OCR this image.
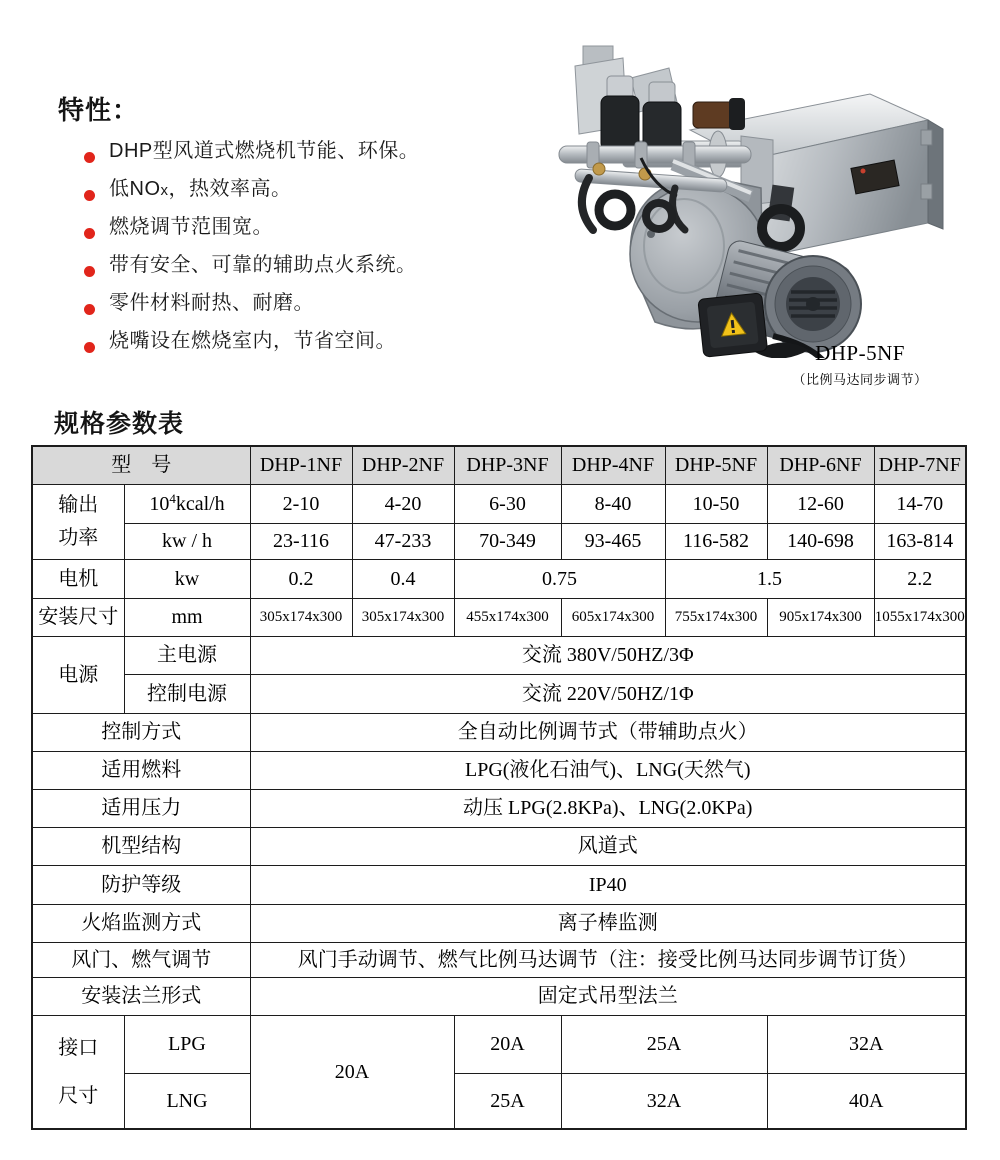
特性：
DHP型风道式燃烧机节能、环保。
低NOx，热效率高。
燃烧调节范围宽。
带有安全、可靠的辅助点火系统。
零件材料耐热、耐磨。
烧嘴设在燃烧室内，节省空间。	DHP-5NF
（比例马达同步调节）
规格参数表
型　号		DHP-1NF	DHP-2NF	DHP-3NF	DHP-4NF	DHP-5NF	DHP-6NF	DHP-7NF

输出
功率	$10^4kcal/h$	2-10	4-20	6-30	8-40	10-50	12-60	14-70
	kw / h	23-116	47-233	70-349	93-465	116-582	140-698	163-814
电机	kw	0.2	0.4	0.75		1.5		2.2
安装尺寸	mm	305x174x300	305x174x300	455x174x300	605x174x300	755x174x300	905x174x300	1055x174x300
电源	主电源	交流 380V/50HZ/3Φ						
	控制电源	交流 220V/50HZ/1Φ						
控制方式		全自动比例调节式（带辅助点火）						
适用燃料		LPG(液化石油气)、LNG(天然气)						
适用压力		动压 LPG(2.8KPa)、LNG(2.0KPa)						
机型结构		风道式						
防护等级		IP40						
火焰监测方式		离子棒监测						
风门、燃气调节		风门手动调节、燃气比例马达调节（注：接受比例马达同步调节订货）						
安装法兰形式		固定式吊型法兰						

接口
尺寸	LPG	20A		20A	25A		32A	
	LNG			25A	32A		40A	
